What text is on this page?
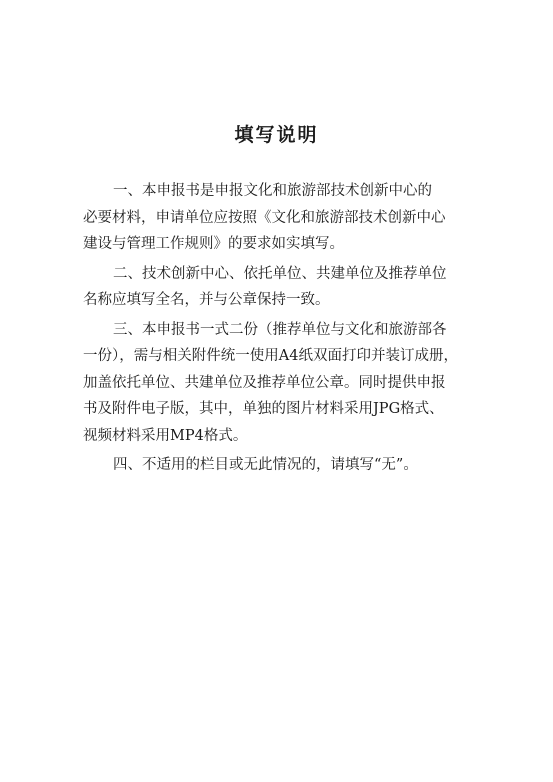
填写说明
一、本申报书是申报文化和旅游部技术创新中心的
必要材料，申请单位应按照《文化和旅游部技术创新中心
建设与管理工作规则》的要求如实填写。
二、技术创新中心、依托单位、共建单位及推荐单位
名称应填写全名，并与公章保持一致。
三、本申报书一式二份（推荐单位与文化和旅游部各
一份），需与相关附件统一使用A4纸双面打印并装订成册，
加盖依托单位、共建单位及推荐单位公章。同时提供申报
书及附件电子版，其中，单独的图片材料采用JPG格式、
视频材料采用MP4格式。
四、不适用的栏目或无此情况的，请填写“无”。
